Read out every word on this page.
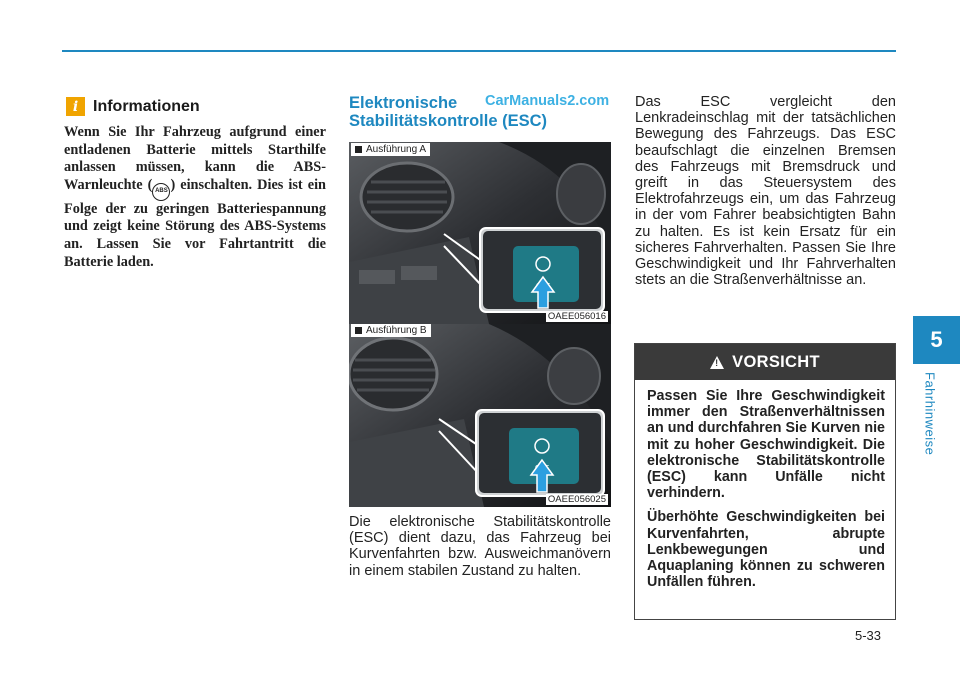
5
Fahrhinweise
i Informationen
Wenn Sie Ihr Fahrzeug aufgrund einer entladenen Batterie mittels Starthilfe anlassen müssen, kann die ABS-Warnleuchte ( ABS ) einschalten. Dies ist ein Folge der zu geringen Batteriespannung und zeigt keine Störung des ABS-Systems an. Lassen Sie vor Fahrtantritt die Batterie laden.
Elektronische
Stabilitätskontrolle (ESC)
CarManuals2.com
Ausführung A
OAEE056016
Ausführung B
OAEE056025
Die elektronische Stabilitätskontrolle (ESC) dient dazu, das Fahrzeug bei Kurvenfahrten bzw. Ausweichmanövern in einem stabilen Zustand zu halten.
Das ESC vergleicht den Lenkradeinschlag mit der tatsächlichen Bewegung des Fahrzeugs. Das ESC beaufschlagt die einzelnen Bremsen des Fahrzeugs mit Bremsdruck und greift in das Steuersystem des Elektrofahrzeugs ein, um das Fahrzeug in der vom Fahrer beabsichtigten Bahn zu halten. Es ist kein Ersatz für ein sicheres Fahrverhalten. Passen Sie Ihre Geschwindigkeit und Ihr Fahrverhalten stets an die Straßenverhältnisse an.
!
VORSICHT

Passen Sie Ihre Geschwindigkeit immer den Straßenverhältnissen an und durchfahren Sie Kurven nie mit zu hoher Geschwindigkeit. Die elektronische Stabilitätskontrolle (ESC) kann Unfälle nicht verhindern.

Überhöhte Geschwindigkeiten bei Kurvenfahrten, abrupte Lenkbewegungen und Aquaplaning können zu schweren Unfällen führen.

5-33
